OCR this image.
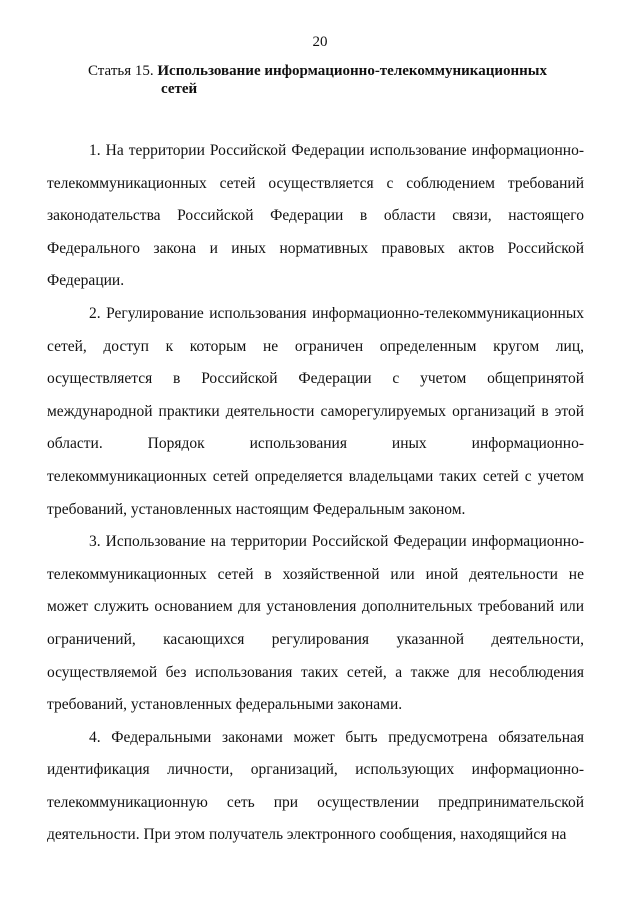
20
Статья 15. Использование информационно-телекоммуникационных
сетей
1. На территории Российской Федерации использование информационно-
телекоммуникационных сетей осуществляется с соблюдением требований
законодательства Российской Федерации в области связи, настоящего
Федерального закона и иных нормативных правовых актов Российской
Федерации.
2. Регулирование использования информационно-телекоммуникационных
сетей, доступ к которым не ограничен определенным кругом лиц,
осуществляется в Российской Федерации с учетом общепринятой
международной практики деятельности саморегулируемых организаций в этой
области. Порядок использования иных информационно-
телекоммуникационных сетей определяется владельцами таких сетей с учетом
требований, установленных настоящим Федеральным законом.
3. Использование на территории Российской Федерации информационно-
телекоммуникационных сетей в хозяйственной или иной деятельности не
может служить основанием для установления дополнительных требований или
ограничений, касающихся регулирования указанной деятельности,
осуществляемой без использования таких сетей, а также для несоблюдения
требований, установленных федеральными законами.
4. Федеральными законами может быть предусмотрена обязательная
идентификация личности, организаций, использующих информационно-
телекоммуникационную сеть при осуществлении предпринимательской
деятельности. При этом получатель электронного сообщения, находящийся на
